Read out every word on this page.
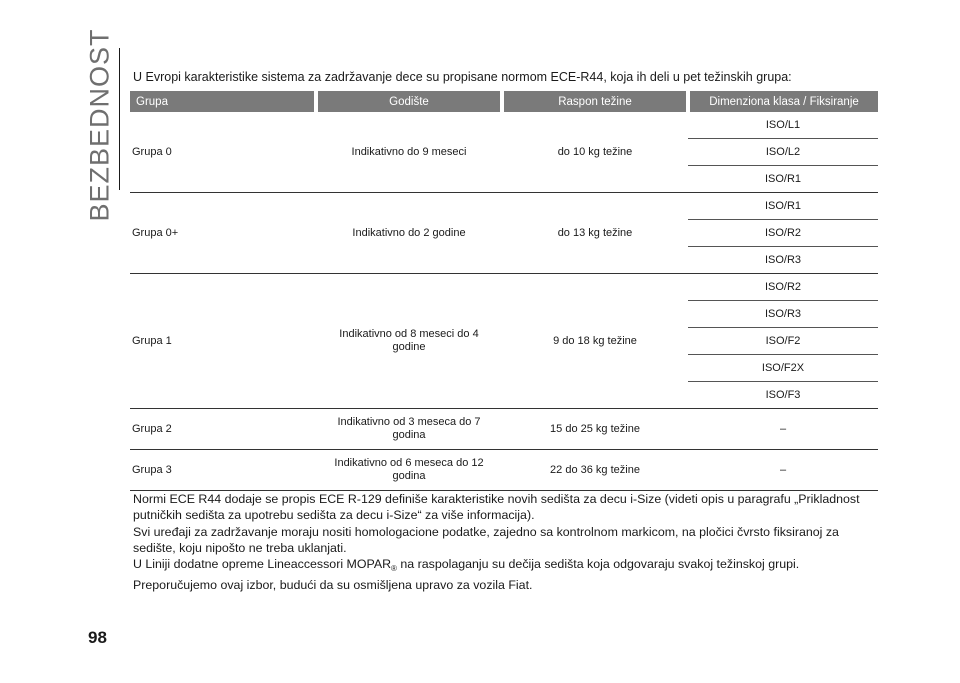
BEZBEDNOST U Evropi karakteristike sistema za zadržavanje dece su propisane normom ECE-R44, koja ih deli u pet težinskih grupa:

Grupa	Godište	Raspon težine	Dimenziona klasa / Fiksiranje
Grupa 0	Indikativno do 9 meseci	do 10 kg težine	ISO/L1
			ISO/L2
			ISO/R1
Grupa 0+	Indikativno do 2 godine	do 13 kg težine	ISO/R1
			ISO/R2
			ISO/R3
Grupa 1	Indikativno od 8 meseci do 4 godine	9 do 18 kg težine	ISO/R2
			ISO/R3
			ISO/F2
			ISO/F2X
			ISO/F3
Grupa 2	Indikativno od 3 meseca do 7 godina	15 do 25 kg težine	–
Grupa 3	Indikativno od 6 meseca do 12 godina	22 do 36 kg težine	–

Normi ECE R44 dodaje se propis ECE R-129 definiše karakteristike novih sedišta za decu i-Size (videti opis u paragrafu „Prikladnost putničkih sedišta za upotrebu sedišta za decu i-Size“ za više informacija).

Svi uređaji za zadržavanje moraju nositi homologacione podatke, zajedno sa kontrolnom markicom, na pločici čvrsto fiksiranoj za sedište, koju nipošto ne treba uklanjati.

U Liniji dodatne opreme Lineaccessori $MOPAR_®$ na raspolaganju su dečija sedišta koja odgovaraju svakoj težinskoj grupi. Preporučujemo ovaj izbor, budući da su osmišljena upravo za vozila Fiat.

98
